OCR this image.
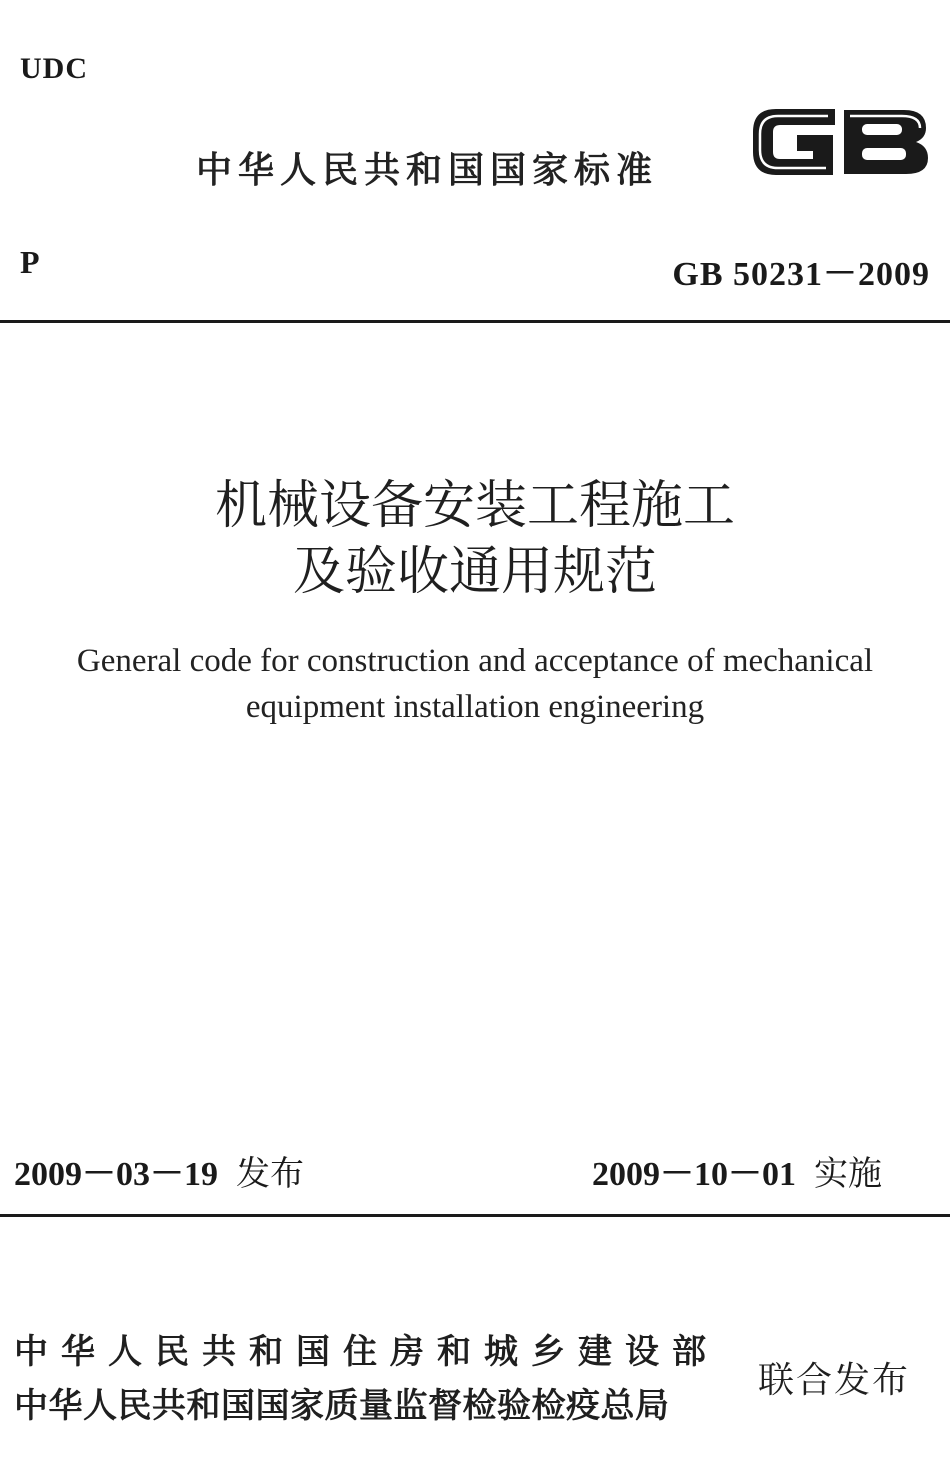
UDC
中华人民共和国国家标准
P	GB 50231－2009
机械设备安装工程施工
及验收通用规范
General code for construction and acceptance of mechanical
equipment installation engineering
2009－03－19 发布	2009－10－01 实施
中华人民共和国住房和城乡建设部
中华人民共和国国家质量监督检验检疫总局
联合发布
